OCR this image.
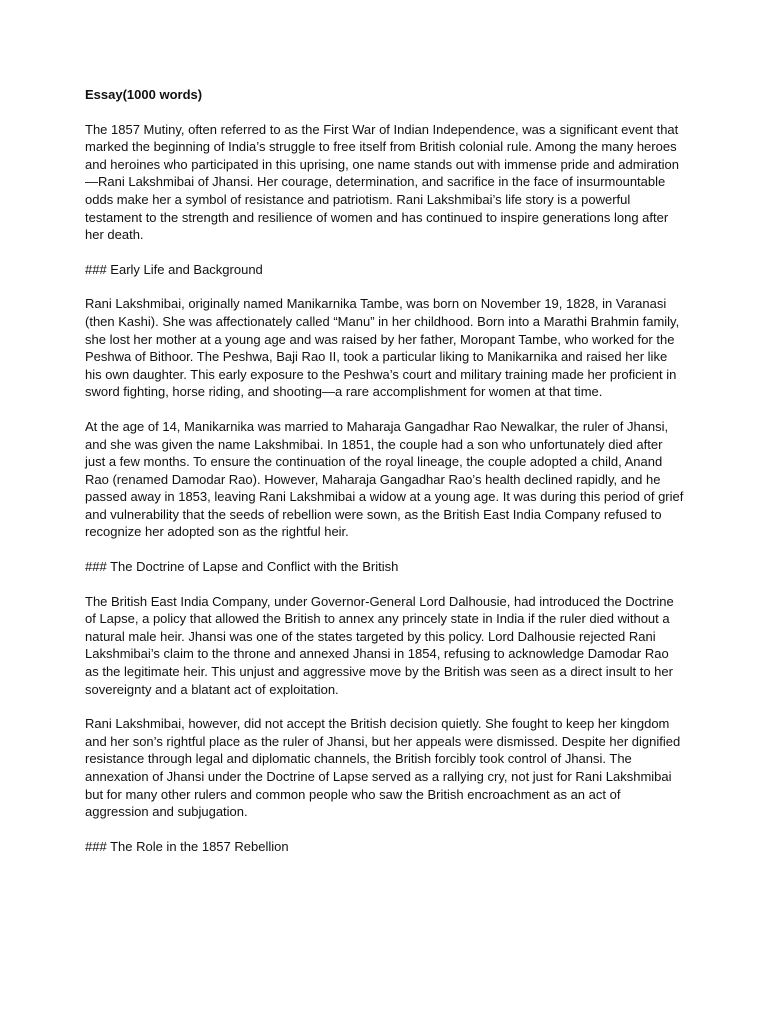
Essay(1000 words)
The 1857 Mutiny, often referred to as the First War of Indian Independence, was a significant event that marked the beginning of India’s struggle to free itself from British colonial rule. Among the many heroes and heroines who participated in this uprising, one name stands out with immense pride and admiration—Rani Lakshmibai of Jhansi. Her courage, determination, and sacrifice in the face of insurmountable odds make her a symbol of resistance and patriotism. Rani Lakshmibai’s life story is a powerful testament to the strength and resilience of women and has continued to inspire generations long after her death.
### Early Life and Background
Rani Lakshmibai, originally named Manikarnika Tambe, was born on November 19, 1828, in Varanasi (then Kashi). She was affectionately called “Manu” in her childhood. Born into a Marathi Brahmin family, she lost her mother at a young age and was raised by her father, Moropant Tambe, who worked for the Peshwa of Bithoor. The Peshwa, Baji Rao II, took a particular liking to Manikarnika and raised her like his own daughter. This early exposure to the Peshwa’s court and military training made her proficient in sword fighting, horse riding, and shooting—a rare accomplishment for women at that time.
At the age of 14, Manikarnika was married to Maharaja Gangadhar Rao Newalkar, the ruler of Jhansi, and she was given the name Lakshmibai. In 1851, the couple had a son who unfortunately died after just a few months. To ensure the continuation of the royal lineage, the couple adopted a child, Anand Rao (renamed Damodar Rao). However, Maharaja Gangadhar Rao’s health declined rapidly, and he passed away in 1853, leaving Rani Lakshmibai a widow at a young age. It was during this period of grief and vulnerability that the seeds of rebellion were sown, as the British East India Company refused to recognize her adopted son as the rightful heir.
### The Doctrine of Lapse and Conflict with the British
The British East India Company, under Governor-General Lord Dalhousie, had introduced the Doctrine of Lapse, a policy that allowed the British to annex any princely state in India if the ruler died without a natural male heir. Jhansi was one of the states targeted by this policy. Lord Dalhousie rejected Rani Lakshmibai’s claim to the throne and annexed Jhansi in 1854, refusing to acknowledge Damodar Rao as the legitimate heir. This unjust and aggressive move by the British was seen as a direct insult to her sovereignty and a blatant act of exploitation.
Rani Lakshmibai, however, did not accept the British decision quietly. She fought to keep her kingdom and her son’s rightful place as the ruler of Jhansi, but her appeals were dismissed. Despite her dignified resistance through legal and diplomatic channels, the British forcibly took control of Jhansi. The annexation of Jhansi under the Doctrine of Lapse served as a rallying cry, not just for Rani Lakshmibai but for many other rulers and common people who saw the British encroachment as an act of aggression and subjugation.
### The Role in the 1857 Rebellion
